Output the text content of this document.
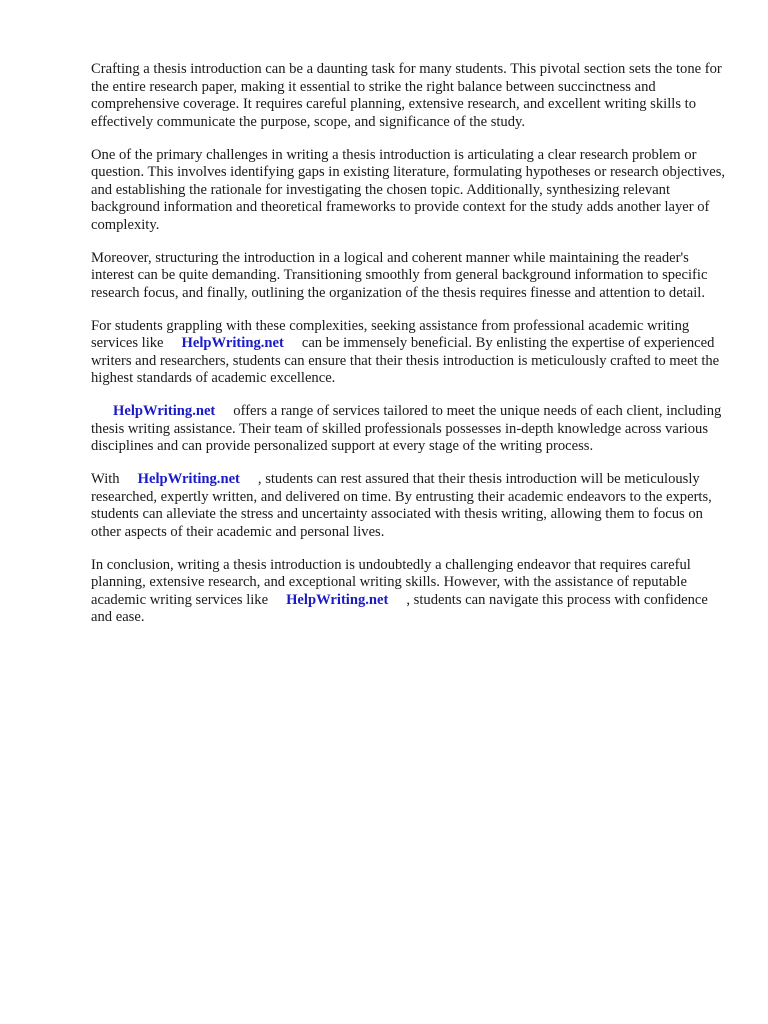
Crafting a thesis introduction can be a daunting task for many students. This pivotal section sets the tone for the entire research paper, making it essential to strike the right balance between succinctness and comprehensive coverage. It requires careful planning, extensive research, and excellent writing skills to effectively communicate the purpose, scope, and significance of the study.

One of the primary challenges in writing a thesis introduction is articulating a clear research problem or question. This involves identifying gaps in existing literature, formulating hypotheses or research objectives, and establishing the rationale for investigating the chosen topic. Additionally, synthesizing relevant background information and theoretical frameworks to provide context for the study adds another layer of complexity.

Moreover, structuring the introduction in a logical and coherent manner while maintaining the reader's interest can be quite demanding. Transitioning smoothly from general background information to specific research focus, and finally, outlining the organization of the thesis requires finesse and attention to detail.

For students grappling with these complexities, seeking assistance from professional academic writing services like HelpWriting.net can be immensely beneficial. By enlisting the expertise of experienced writers and researchers, students can ensure that their thesis introduction is meticulously crafted to meet the highest standards of academic excellence.

HelpWriting.net offers a range of services tailored to meet the unique needs of each client, including thesis writing assistance. Their team of skilled professionals possesses in-depth knowledge across various disciplines and can provide personalized support at every stage of the writing process.

With HelpWriting.net , students can rest assured that their thesis introduction will be meticulously researched, expertly written, and delivered on time. By entrusting their academic endeavors to the experts, students can alleviate the stress and uncertainty associated with thesis writing, allowing them to focus on other aspects of their academic and personal lives.

In conclusion, writing a thesis introduction is undoubtedly a challenging endeavor that requires careful planning, extensive research, and exceptional writing skills. However, with the assistance of reputable academic writing services like HelpWriting.net , students can navigate this process with confidence and ease.
